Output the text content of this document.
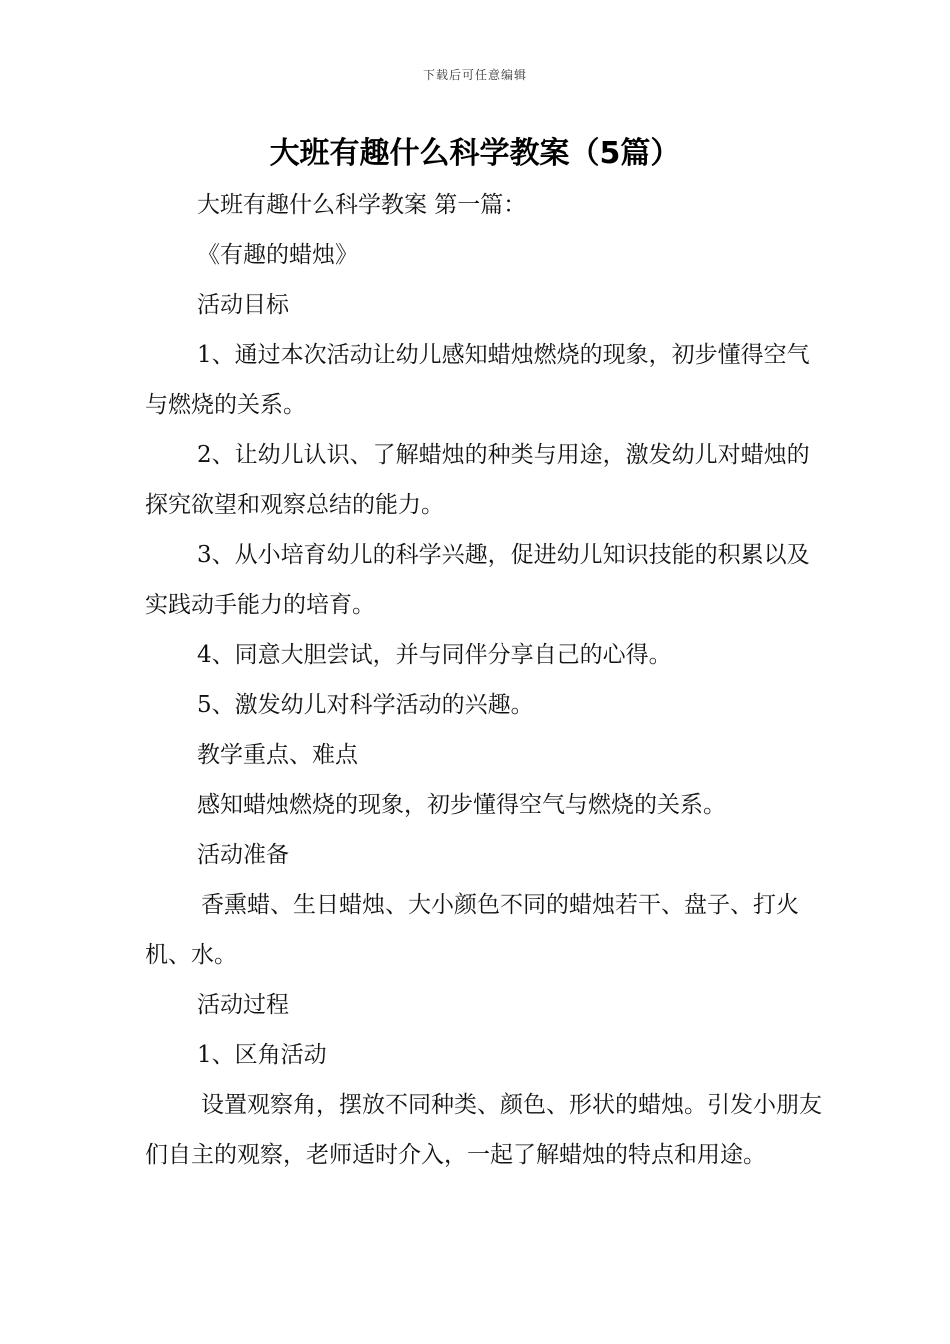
下载后可任意编辑
大班有趣什么科学教案（5篇）

大班有趣什么科学教案 第一篇：

《有趣的蜡烛》

活动目标

1、通过本次活动让幼儿感知蜡烛燃烧的现象，初步懂得空气与燃烧的关系。

2、让幼儿认识、了解蜡烛的种类与用途，激发幼儿对蜡烛的探究欲望和观察总结的能力。

3、从小培育幼儿的科学兴趣，促进幼儿知识技能的积累以及实践动手能力的培育。

4、同意大胆尝试，并与同伴分享自己的心得。

5、激发幼儿对科学活动的兴趣。

教学重点、难点

感知蜡烛燃烧的现象，初步懂得空气与燃烧的关系。

活动准备

香熏蜡、生日蜡烛、大小颜色不同的蜡烛若干、盘子、打火机、水。

活动过程

1、区角活动

设置观察角，摆放不同种类、颜色、形状的蜡烛。引发小朋友们自主的观察，老师适时介入，一起了解蜡烛的特点和用途。
